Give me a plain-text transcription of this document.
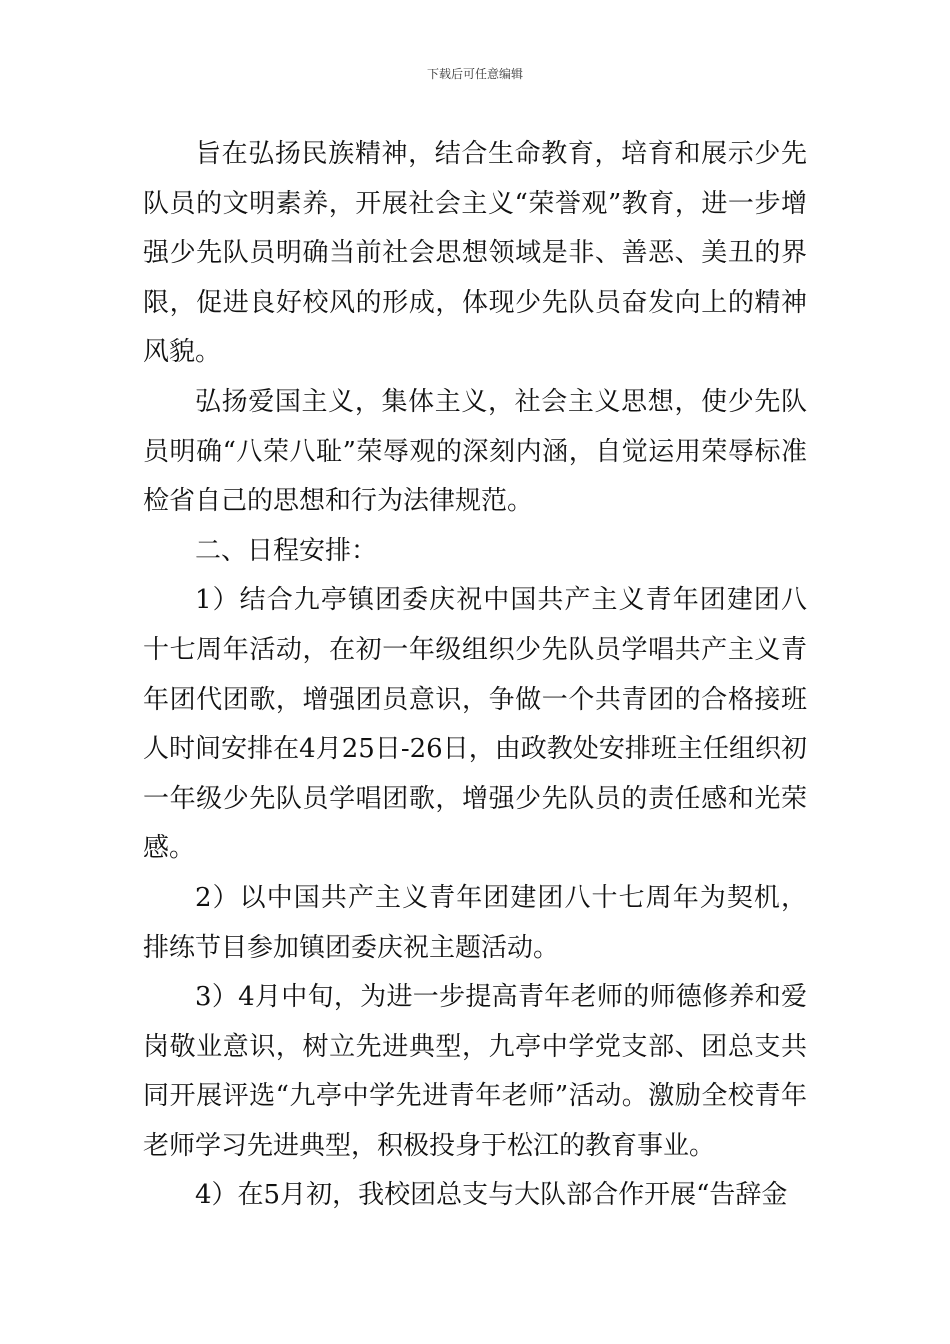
下载后可任意编辑

旨在弘扬民族精神，结合生命教育，培育和展示少先队员的文明素养，开展社会主义“荣誉观”教育，进一步增强少先队员明确当前社会思想领域是非、善恶、美丑的界限，促进良好校风的形成，体现少先队员奋发向上的精神风貌。

弘扬爱国主义，集体主义，社会主义思想，使少先队员明确“八荣八耻”荣辱观的深刻内涵，自觉运用荣辱标准检省自己的思想和行为法律规范。

二、日程安排：

1）结合九亭镇团委庆祝中国共产主义青年团建团八十七周年活动，在初一年级组织少先队员学唱共产主义青年团代团歌，增强团员意识，争做一个共青团的合格接班人时间安排在4月25日-26日，由政教处安排班主任组织初一年级少先队员学唱团歌，增强少先队员的责任感和光荣感。

2）以中国共产主义青年团建团八十七周年为契机，排练节目参加镇团委庆祝主题活动。

3）4月中旬，为进一步提高青年老师的师德修养和爱岗敬业意识，树立先进典型，九亭中学党支部、团总支共同开展评选“九亭中学先进青年老师”活动。激励全校青年老师学习先进典型，积极投身于松江的教育事业。

4）在5月初，我校团总支与大队部合作开展“告辞金
